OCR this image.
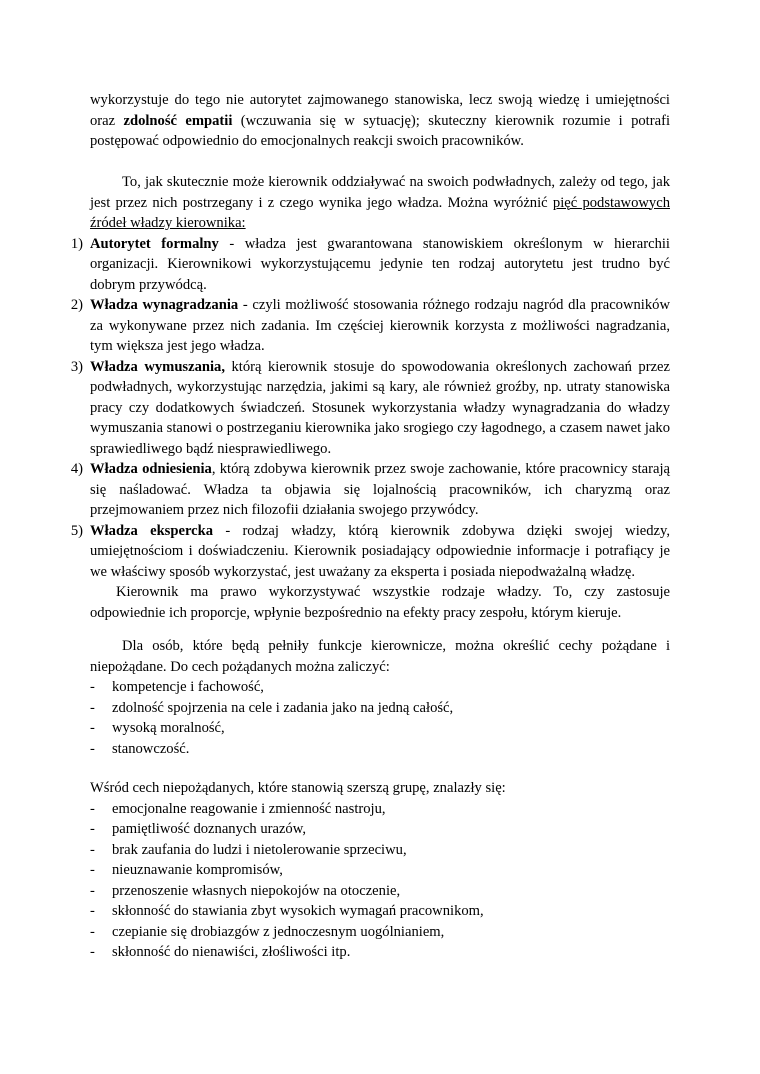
wykorzystuje do tego nie autorytet zajmowanego stanowiska, lecz swoją wiedzę i umiejętności oraz zdolność empatii (wczuwania się w sytuację); skuteczny kierownik rozumie i potrafi postępować odpowiednio do emocjonalnych reakcji swoich pracowników.

To, jak skutecznie może kierownik oddziaływać na swoich podwładnych, zależy od tego, jak jest przez nich postrzegany i z czego wynika jego władza. Można wyróżnić pięć podstawowych źródeł władzy kierownika:

1) Autorytet formalny - władza jest gwarantowana stanowiskiem określonym w hierarchii organizacji. Kierownikowi wykorzystującemu jedynie ten rodzaj autorytetu jest trudno być dobrym przywódcą.
2) Władza wynagradzania - czyli możliwość stosowania różnego rodzaju nagród dla pracowników za wykonywane przez nich zadania. Im częściej kierownik korzysta z możliwości nagradzania, tym większa jest jego władza.
3) Władza wymuszania, którą kierownik stosuje do spowodowania określonych zachowań przez podwładnych, wykorzystując narzędzia, jakimi są kary, ale również groźby, np. utraty stanowiska pracy czy dodatkowych świadczeń. Stosunek wykorzystania władzy wynagradzania do władzy wymuszania stanowi o postrzeganiu kierownika jako srogiego czy łagodnego, a czasem nawet jako sprawiedliwego bądź niesprawiedliwego.
4) Władza odniesienia, którą zdobywa kierownik przez swoje zachowanie, które pracownicy starają się naśladować. Władza ta objawia się lojalnością pracowników, ich charyzmą oraz przejmowaniem przez nich filozofii działania swojego przywódcy.
5) Władza ekspercka - rodzaj władzy, którą kierownik zdobywa dzięki swojej wiedzy, umiejętnościom i doświadczeniu. Kierownik posiadający odpowiednie informacje i potrafiący je we właściwy sposób wykorzystać, jest uważany za eksperta i posiada niepodważalną władzę.

Kierownik ma prawo wykorzystywać wszystkie rodzaje władzy. To, czy zastosuje odpowiednie ich proporcje, wpłynie bezpośrednio na efekty pracy zespołu, którym kieruje.

Dla osób, które będą pełniły funkcje kierownicze, można określić cechy pożądane i niepożądane. Do cech pożądanych można zaliczyć:

- kompetencje i fachowość,
- zdolność spojrzenia na cele i zadania jako na jedną całość,
- wysoką moralność,
- stanowczość.

Wśród cech niepożądanych, które stanowią szerszą grupę, znalazły się:

- emocjonalne reagowanie i zmienność nastroju,
- pamiętliwość doznanych urazów,
- brak zaufania do ludzi i nietolerowanie sprzeciwu,
- nieuznawanie kompromisów,
- przenoszenie własnych niepokojów na otoczenie,
- skłonność do stawiania zbyt wysokich wymagań pracownikom,
- czepianie się drobiazgów z jednoczesnym uogólnianiem,
- skłonność do nienawiści, złośliwości itp.
